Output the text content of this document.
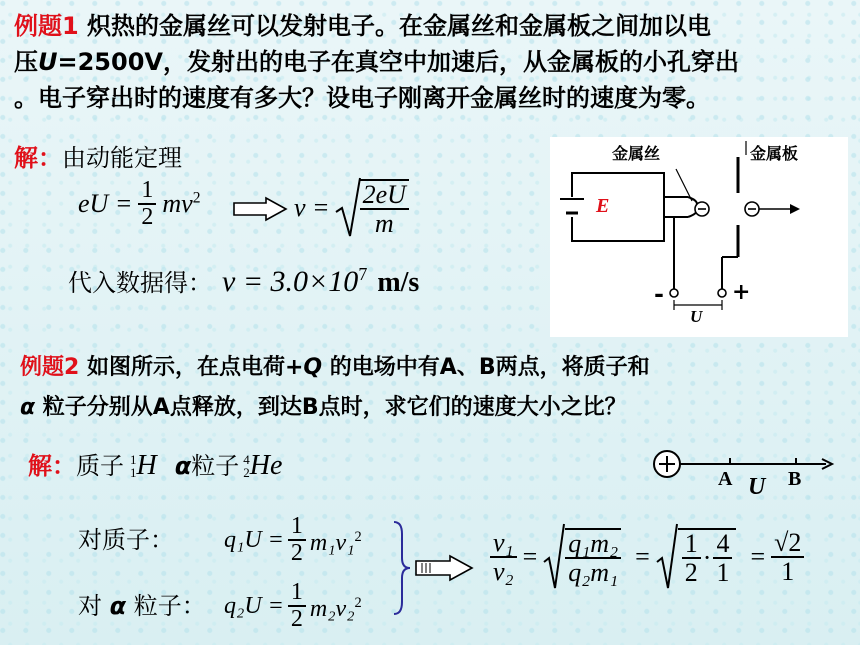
例题1 炽热的金属丝可以发射电子。在金属丝和金属板之间加以电
压U=2500V，发射出的电子在真空中加速后，从金属板的小孔穿出
。电子穿出时的速度有多大？设电子刚离开金属丝时的速度为零。
解：由动能定理
eU = $\frac{1}{2} mv^2$	$v = \frac{2eU}{m}$
代入数据得： $v = 3.0\times 10^7$ m/s
金属丝	金属板
E
-	+
U
例题2 如图所示，在点电荷+Q 的电场中有A、B两点，将质子和
α 粒子分别从A点释放，到达B点时，求它们的速度大小之比？
解： 质子 1
1 H α 粒子 4
2 He	A	B
U
对质子：	$q_1U = \frac{1}{2} m_1v_1^2$
对 α 粒子： $q_2U = \frac{1}{2} m_2v_2^2$
$\frac{\text{v₁}}{\text{v₂}} = \frac{\text{q₁m₂}}{\text{q₂m₁}} = \frac{1}{2} \cdot \frac{4}{1} = \frac{√2}{1}$
